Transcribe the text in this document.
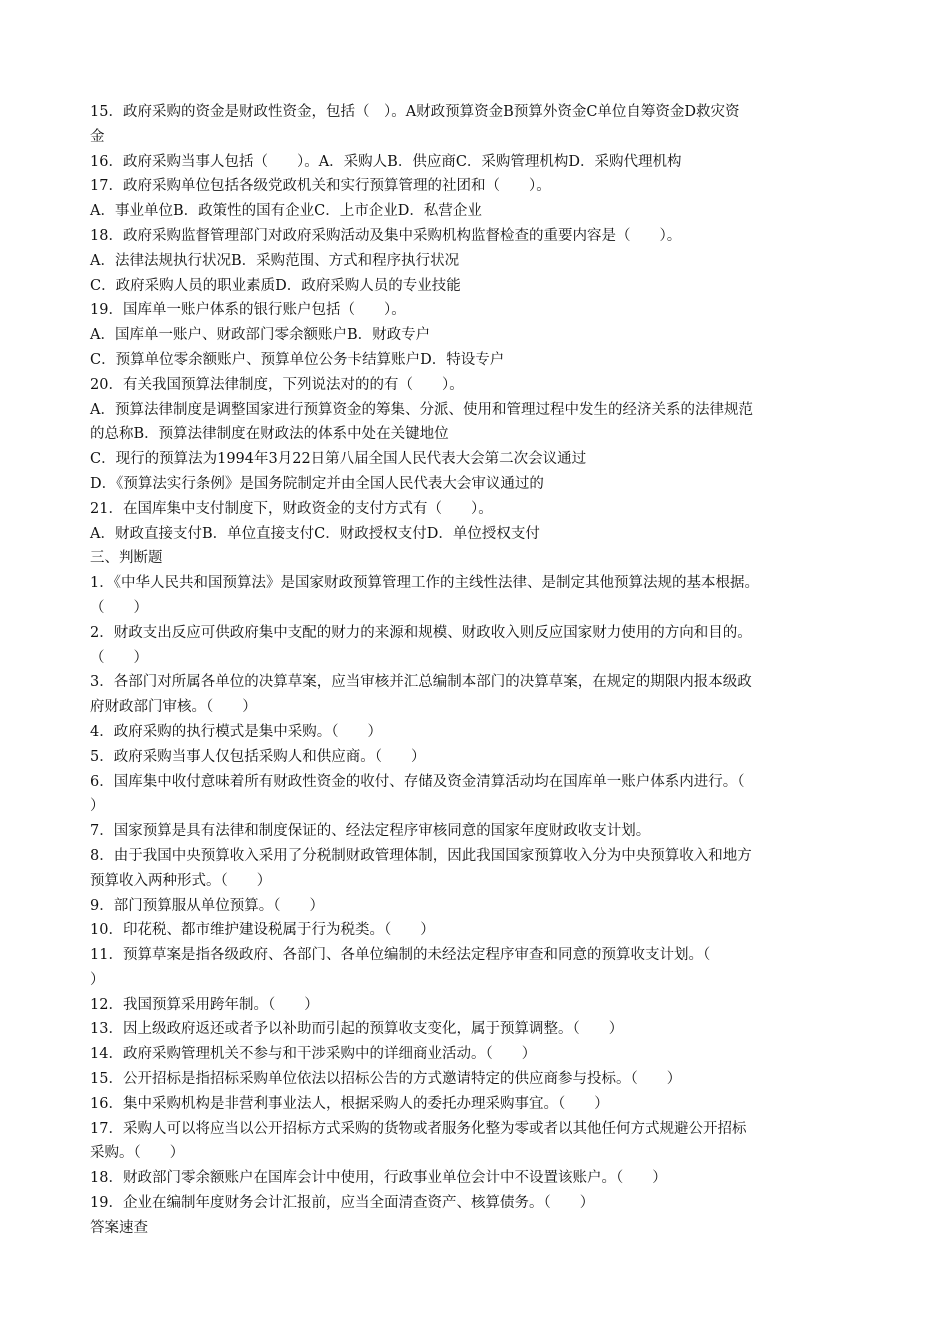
15．政府采购的资金是财政性资金，包括（　）。A财政预算资金B预算外资金C单位自筹资金D救灾资
金
16．政府采购当事人包括（　　）。A．采购人B．供应商C．采购管理机构D．采购代理机构
17．政府采购单位包括各级党政机关和实行预算管理的社团和（　　）。
A．事业单位B．政策性的国有企业C．上市企业D．私营企业
18．政府采购监督管理部门对政府采购活动及集中采购机构监督检查的重要内容是（　　）。
A．法律法规执行状况B．采购范围、方式和程序执行状况
C．政府采购人员的职业素质D．政府采购人员的专业技能
19．国库单一账户体系的银行账户包括（　　）。
A．国库单一账户、财政部门零余额账户B．财政专户
C．预算单位零余额账户、预算单位公务卡结算账户D．特设专户
20．有关我国预算法律制度，下列说法对的的有（　　）。
A．预算法律制度是调整国家进行预算资金的筹集、分派、使用和管理过程中发生的经济关系的法律规范
的总称B．预算法律制度在财政法的体系中处在关键地位
C．现行的预算法为1994年3月22日第八届全国人民代表大会第二次会议通过
D．《预算法实行条例》是国务院制定并由全国人民代表大会审议通过的
21．在国库集中支付制度下，财政资金的支付方式有（　　）。
A．财政直接支付B．单位直接支付C．财政授权支付D．单位授权支付
三、判断题
1．《中华人民共和国预算法》是国家财政预算管理工作的主线性法律、是制定其他预算法规的基本根据。
（　　）
2．财政支出反应可供政府集中支配的财力的来源和规模、财政收入则反应国家财力使用的方向和目的。
（　　）
3．各部门对所属各单位的决算草案，应当审核并汇总编制本部门的决算草案，在规定的期限内报本级政
府财政部门审核。（　　）
4．政府采购的执行模式是集中采购。（　　）
5．政府采购当事人仅包括采购人和供应商。（　　）
6．国库集中收付意味着所有财政性资金的收付、存储及资金清算活动均在国库单一账户体系内进行。（
）
7．国家预算是具有法律和制度保证的、经法定程序审核同意的国家年度财政收支计划。
8．由于我国中央预算收入采用了分税制财政管理体制，因此我国国家预算收入分为中央预算收入和地方
预算收入两种形式。（　　）
9．部门预算服从单位预算。（　　）
10．印花税、都市维护建设税属于行为税类。（　　）
11．预算草案是指各级政府、各部门、各单位编制的未经法定程序审查和同意的预算收支计划。（
）
12．我国预算采用跨年制。（　　）
13．因上级政府返还或者予以补助而引起的预算收支变化，属于预算调整。（　　）
14．政府采购管理机关不参与和干涉采购中的详细商业活动。（　　）
15．公开招标是指招标采购单位依法以招标公告的方式邀请特定的供应商参与投标。（　　）
16．集中采购机构是非营利事业法人，根据采购人的委托办理采购事宜。（　　）
17．采购人可以将应当以公开招标方式采购的货物或者服务化整为零或者以其他任何方式规避公开招标
采购。（　　）
18．财政部门零余额账户在国库会计中使用，行政事业单位会计中不设置该账户。（　　）
19．企业在编制年度财务会计汇报前，应当全面清查资产、核算债务。（　　）
答案速查
